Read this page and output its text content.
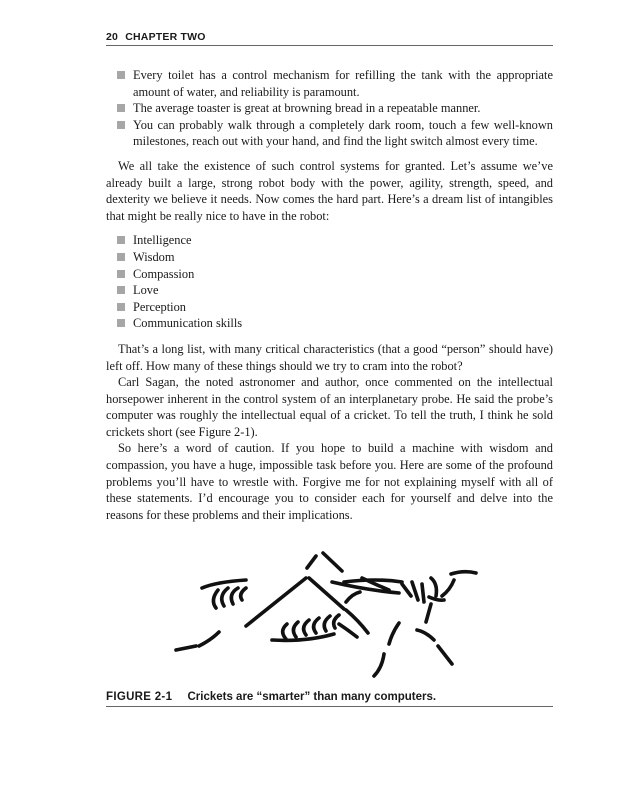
20 CHAPTER TWO
Every toilet has a control mechanism for refilling the tank with the appropriate amount of water, and reliability is paramount.
The average toaster is great at browning bread in a repeatable manner.
You can probably walk through a completely dark room, touch a few well-known milestones, reach out with your hand, and find the light switch almost every time.

We all take the existence of such control systems for granted. Let’s assume we’ve already built a large, strong robot body with the power, agility, strength, speed, and dexterity we believe it needs. Now comes the hard part. Here’s a dream list of intangibles that might be really nice to have in the robot:

Intelligence
Wisdom
Compassion
Love
Perception
Communication skills

That’s a long list, with many critical characteristics (that a good “person” should have) left off. How many of these things should we try to cram into the robot?

Carl Sagan, the noted astronomer and author, once commented on the intellectual horsepower inherent in the control system of an interplanetary probe. He said the probe’s computer was roughly the intellectual equal of a cricket. To tell the truth, I think he sold crickets short (see Figure 2-1).

So here’s a word of caution. If you hope to build a machine with wisdom and compassion, you have a huge, impossible task before you. Here are some of the profound problems you’ll have to wrestle with. Forgive me for not explaining myself with all of these statements. I’d encourage you to consider each for yourself and delve into the reasons for these problems and their implications.

FIGURE 2-1 Crickets are “smarter” than many computers.
